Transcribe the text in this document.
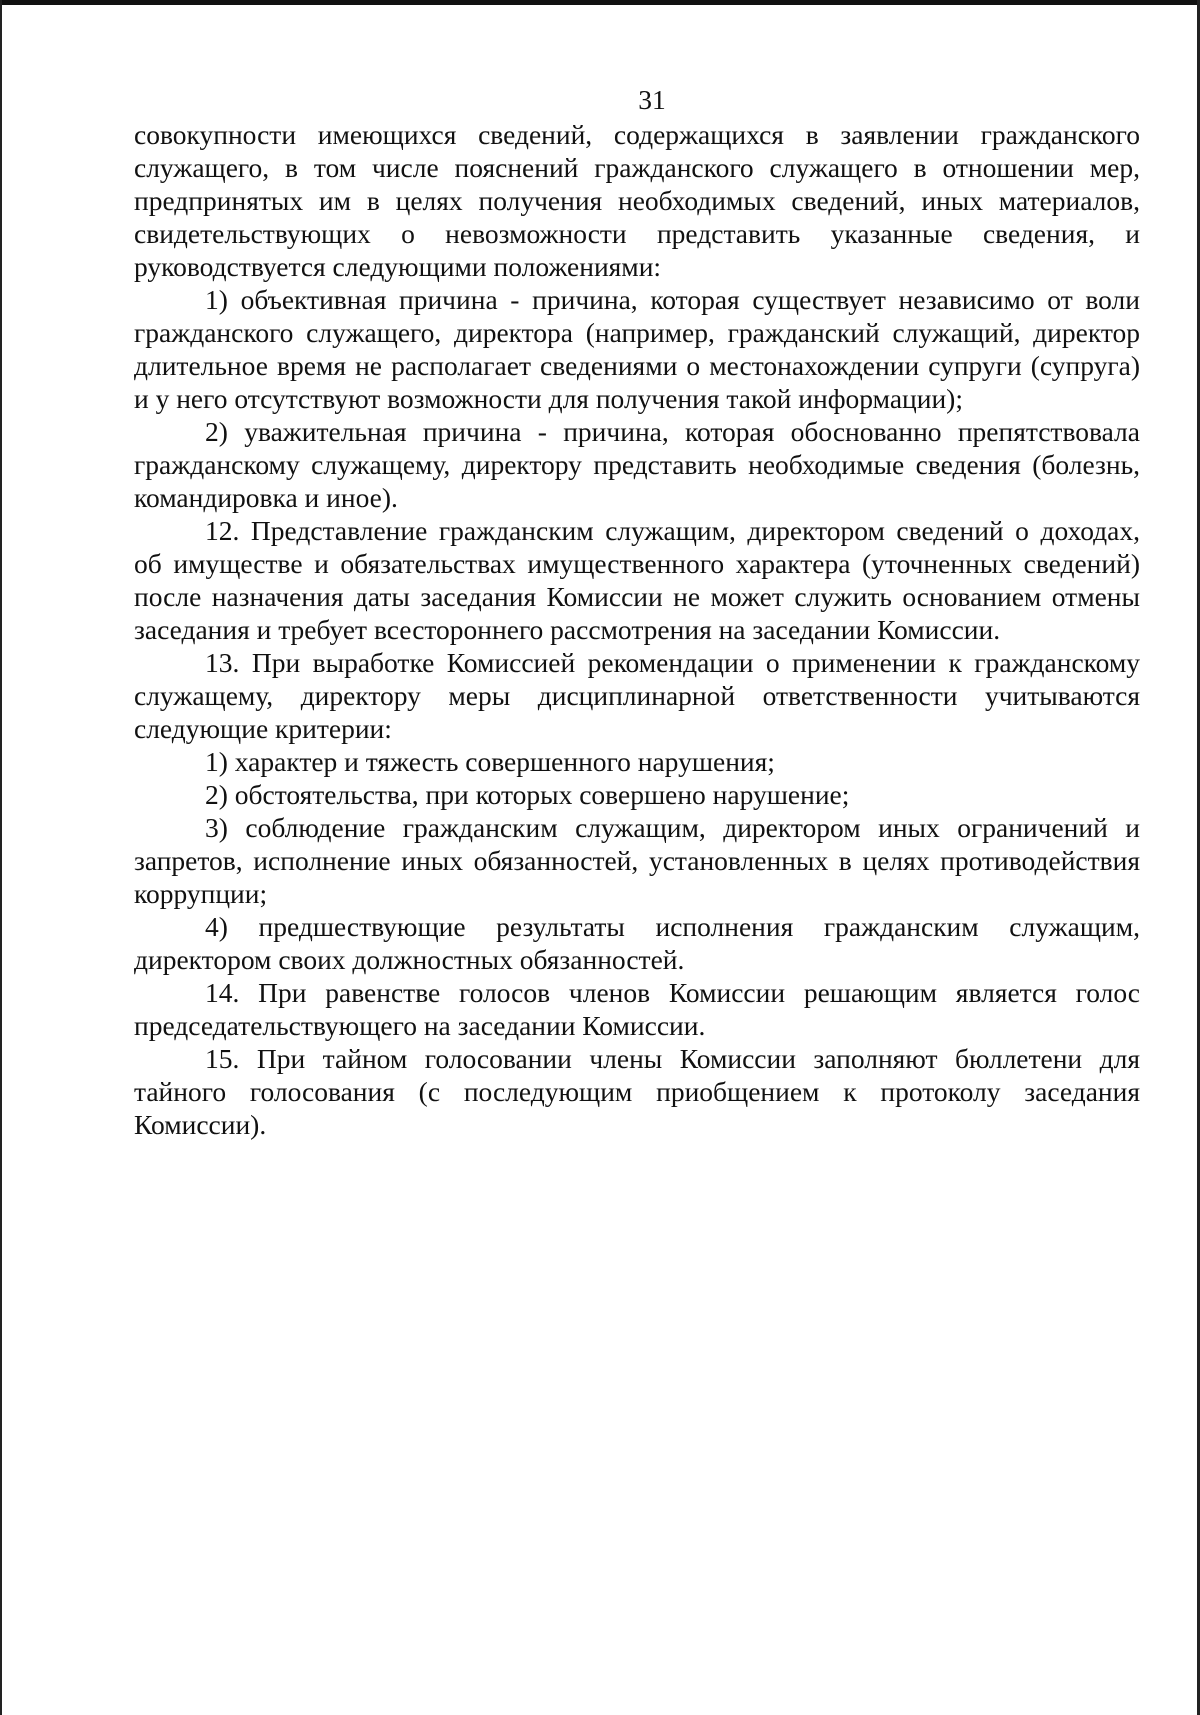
31

совокупности имеющихся сведений, содержащихся в заявлении гражданского служащего, в том числе пояснений гражданского служащего в отношении мер, предпринятых им в целях получения необходимых сведений, иных материалов, свидетельствующих о невозможности представить указанные сведения, и руководствуется следующими положениями:

1) объективная причина - причина, которая существует независимо от воли гражданского служащего, директора (например, гражданский служащий, директор длительное время не располагает сведениями о местонахождении супруги (супруга) и у него отсутствуют возможности для получения такой информации);

2) уважительная причина - причина, которая обоснованно препятствовала гражданскому служащему, директору представить необходимые сведения (болезнь, командировка и иное).

12. Представление гражданским служащим, директором сведений о доходах, об имуществе и обязательствах имущественного характера (уточненных сведений) после назначения даты заседания Комиссии не может служить основанием отмены заседания и требует всестороннего рассмотрения на заседании Комиссии.

13. При выработке Комиссией рекомендации о применении к гражданскому служащему, директору меры дисциплинарной ответственности учитываются следующие критерии:

1) характер и тяжесть совершенного нарушения;

2) обстоятельства, при которых совершено нарушение;

3) соблюдение гражданским служащим, директором иных ограничений и запретов, исполнение иных обязанностей, установленных в целях противодействия коррупции;

4) предшествующие результаты исполнения гражданским служащим, директором своих должностных обязанностей.

14. При равенстве голосов членов Комиссии решающим является голос председательствующего на заседании Комиссии.

15. При тайном голосовании члены Комиссии заполняют бюллетени для тайного голосования (с последующим приобщением к протоколу заседания Комиссии).
